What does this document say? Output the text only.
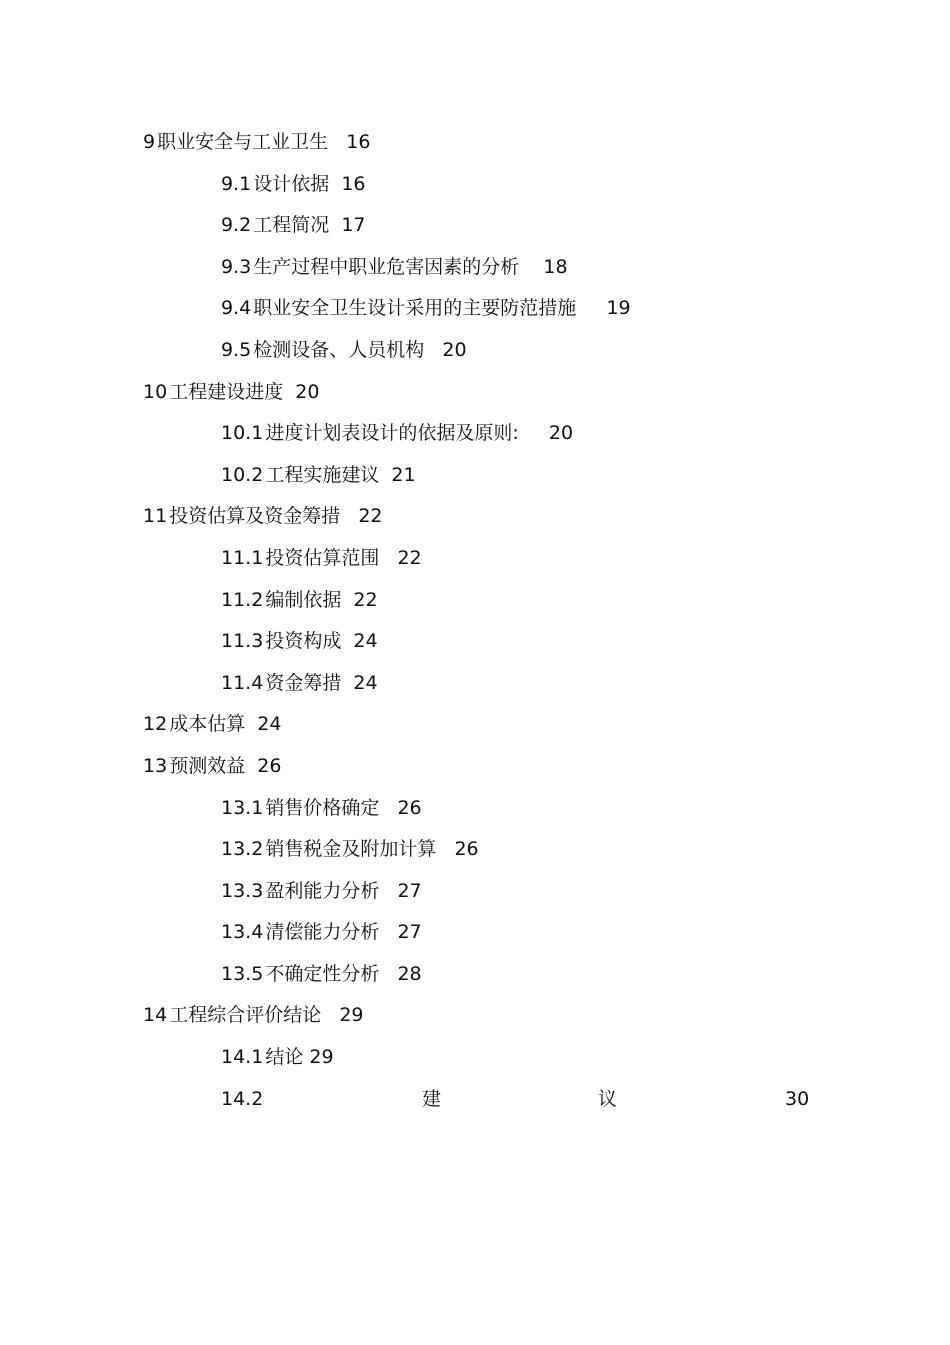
9 职业安全与工业卫生 16
9.1 设计依据 16
9.2 工程简况 17
9.3 生产过程中职业危害因素的分析 18
9.4 职业安全卫生设计采用的主要防范措施 19
9.5 检测设备、人员机构 20
10 工程建设进度 20
10.1 进度计划表设计的依据及原则: 20
10.2 工程实施建议 21
11 投资估算及资金筹措 22
11.1 投资估算范围 22
11.2 编制依据 22
11.3 投资构成 24
11.4 资金筹措 24
12 成本估算 24
13 预测效益 26
13.1 销售价格确定 26
13.2 销售税金及附加计算 26
13.3 盈利能力分析 27
13.4 清偿能力分析 27
13.5 不确定性分析 28
14 工程综合评价结论 29
14.1 结论 29
14.2	建	议	30
